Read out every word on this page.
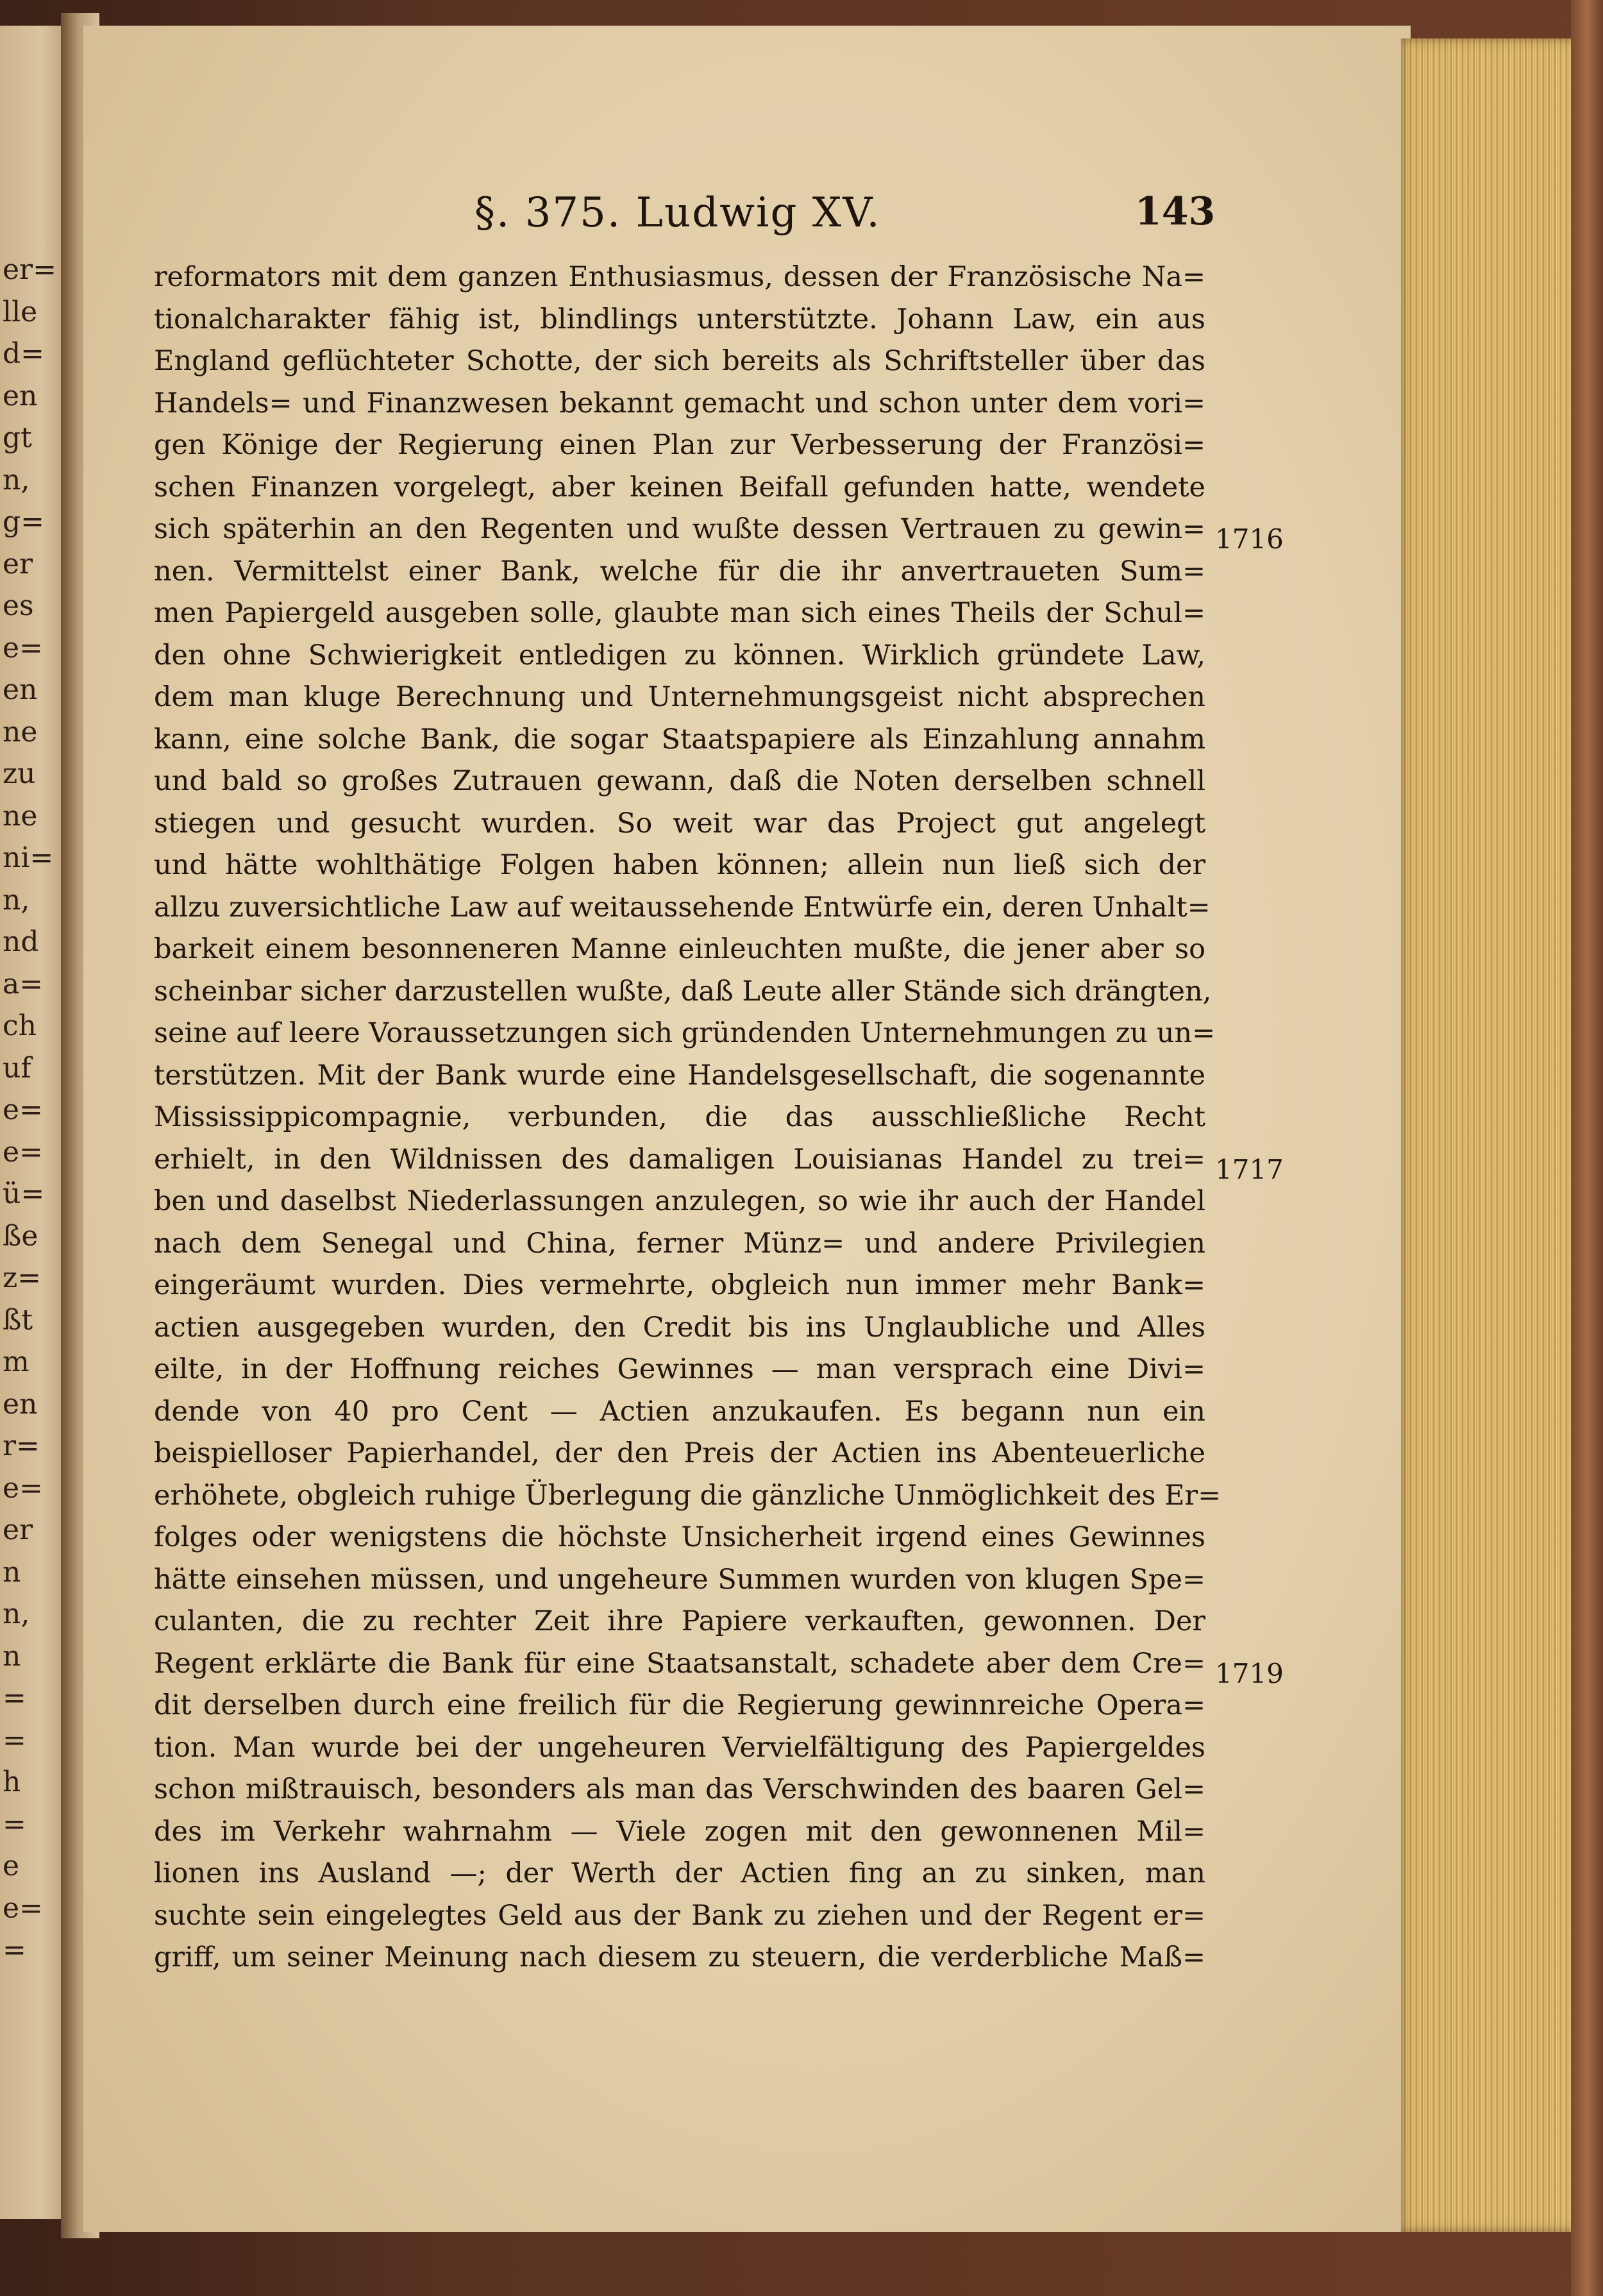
er=
lle
d=
en
gt
n,
g=
er
es
e=
en
ne
zu
ne
ni=
n,
nd
a=
ch
uf
e=
e=
ü=
ße
z=
ßt
m
en
r=
e=
er
n
n,
n
=
=
h
=
e
e=
=
§. 375. Ludwig XV.	143
reformators mit dem ganzen Enthusiasmus, dessen der Französische Na=
tionalcharakter fähig ist, blindlings unterstützte. Johann Law, ein aus
England geflüchteter Schotte, der sich bereits als Schriftsteller über das
Handels= und Finanzwesen bekannt gemacht und schon unter dem vori=
gen Könige der Regierung einen Plan zur Verbesserung der Französi=
schen Finanzen vorgelegt, aber keinen Beifall gefunden hatte, wendete
sich späterhin an den Regenten und wußte dessen Vertrauen zu gewin=
nen. Vermittelst einer Bank, welche für die ihr anvertraueten Sum=
men Papiergeld ausgeben solle, glaubte man sich eines Theils der Schul=
den ohne Schwierigkeit entledigen zu können. Wirklich gründete Law,
dem man kluge Berechnung und Unternehmungsgeist nicht absprechen
kann, eine solche Bank, die sogar Staatspapiere als Einzahlung annahm
und bald so großes Zutrauen gewann, daß die Noten derselben schnell
stiegen und gesucht wurden. So weit war das Project gut angelegt
und hätte wohlthätige Folgen haben können; allein nun ließ sich der
allzu zuversichtliche Law auf weitaussehende Entwürfe ein, deren Unhalt=
barkeit einem besonneneren Manne einleuchten mußte, die jener aber so
scheinbar sicher darzustellen wußte, daß Leute aller Stände sich drängten,
seine auf leere Voraussetzungen sich gründenden Unternehmungen zu un=
terstützen. Mit der Bank wurde eine Handelsgesellschaft, die sogenannte
Mississippicompagnie, verbunden, die das ausschließliche Recht
erhielt, in den Wildnissen des damaligen Louisianas Handel zu trei=
ben und daselbst Niederlassungen anzulegen, so wie ihr auch der Handel
nach dem Senegal und China, ferner Münz= und andere Privilegien
eingeräumt wurden. Dies vermehrte, obgleich nun immer mehr Bank=
actien ausgegeben wurden, den Credit bis ins Unglaubliche und Alles
eilte, in der Hoffnung reiches Gewinnes — man versprach eine Divi=
dende von 40 pro Cent — Actien anzukaufen. Es begann nun ein
beispielloser Papierhandel, der den Preis der Actien ins Abenteuerliche
erhöhete, obgleich ruhige Überlegung die gänzliche Unmöglichkeit des Er=
folges oder wenigstens die höchste Unsicherheit irgend eines Gewinnes
hätte einsehen müssen, und ungeheure Summen wurden von klugen Spe=
culanten, die zu rechter Zeit ihre Papiere verkauften, gewonnen. Der
Regent erklärte die Bank für eine Staatsanstalt, schadete aber dem Cre=
dit derselben durch eine freilich für die Regierung gewinnreiche Opera=
tion. Man wurde bei der ungeheuren Vervielfältigung des Papiergeldes
schon mißtrauisch, besonders als man das Verschwinden des baaren Gel=
des im Verkehr wahrnahm — Viele zogen mit den gewonnenen Mil=
lionen ins Ausland —; der Werth der Actien fing an zu sinken, man
suchte sein eingelegtes Geld aus der Bank zu ziehen und der Regent er=
griff, um seiner Meinung nach diesem zu steuern, die verderbliche Maß=
1716
1717
1719
